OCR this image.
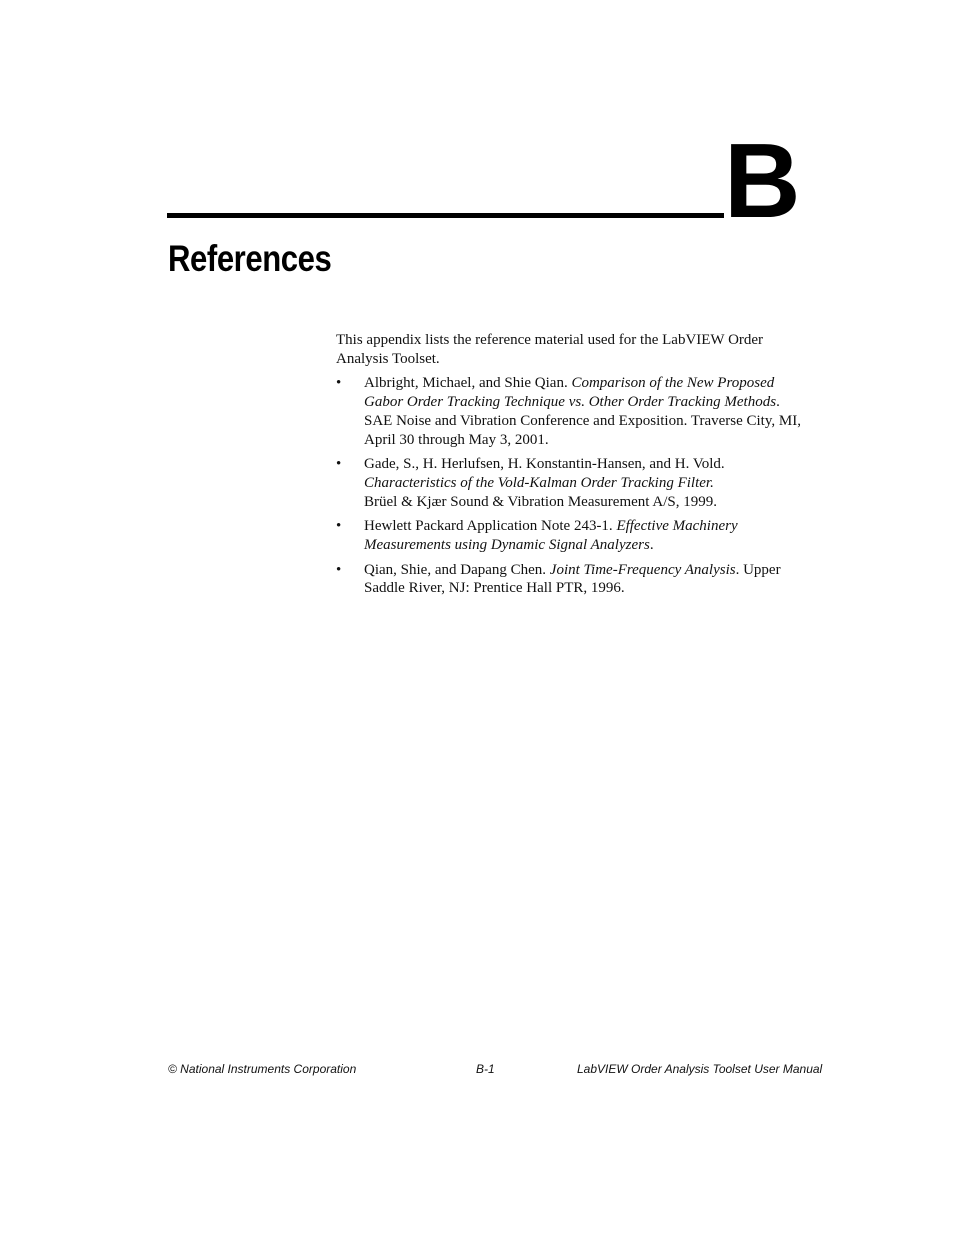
B
References

This appendix lists the reference material used for the LabVIEW Order Analysis Toolset.

• Albright, Michael, and Shie Qian. Comparison of the New Proposed Gabor Order Tracking Technique vs. Other Order Tracking Methods. SAE Noise and Vibration Conference and Exposition. Traverse City, MI, April 30 through May 3, 2001.
• Gade, S., H. Herlufsen, H. Konstantin-Hansen, and H. Vold.
Characteristics of the Vold-Kalman Order Tracking Filter.
Brüel & Kjær Sound & Vibration Measurement A/S, 1999.
• Hewlett Packard Application Note 243-1. Effective Machinery Measurements using Dynamic Signal Analyzers.
• Qian, Shie, and Dapang Chen. Joint Time-Frequency Analysis. Upper Saddle River, NJ: Prentice Hall PTR, 1996.
© National Instruments Corporation	B-1	LabVIEW Order Analysis Toolset User Manual
